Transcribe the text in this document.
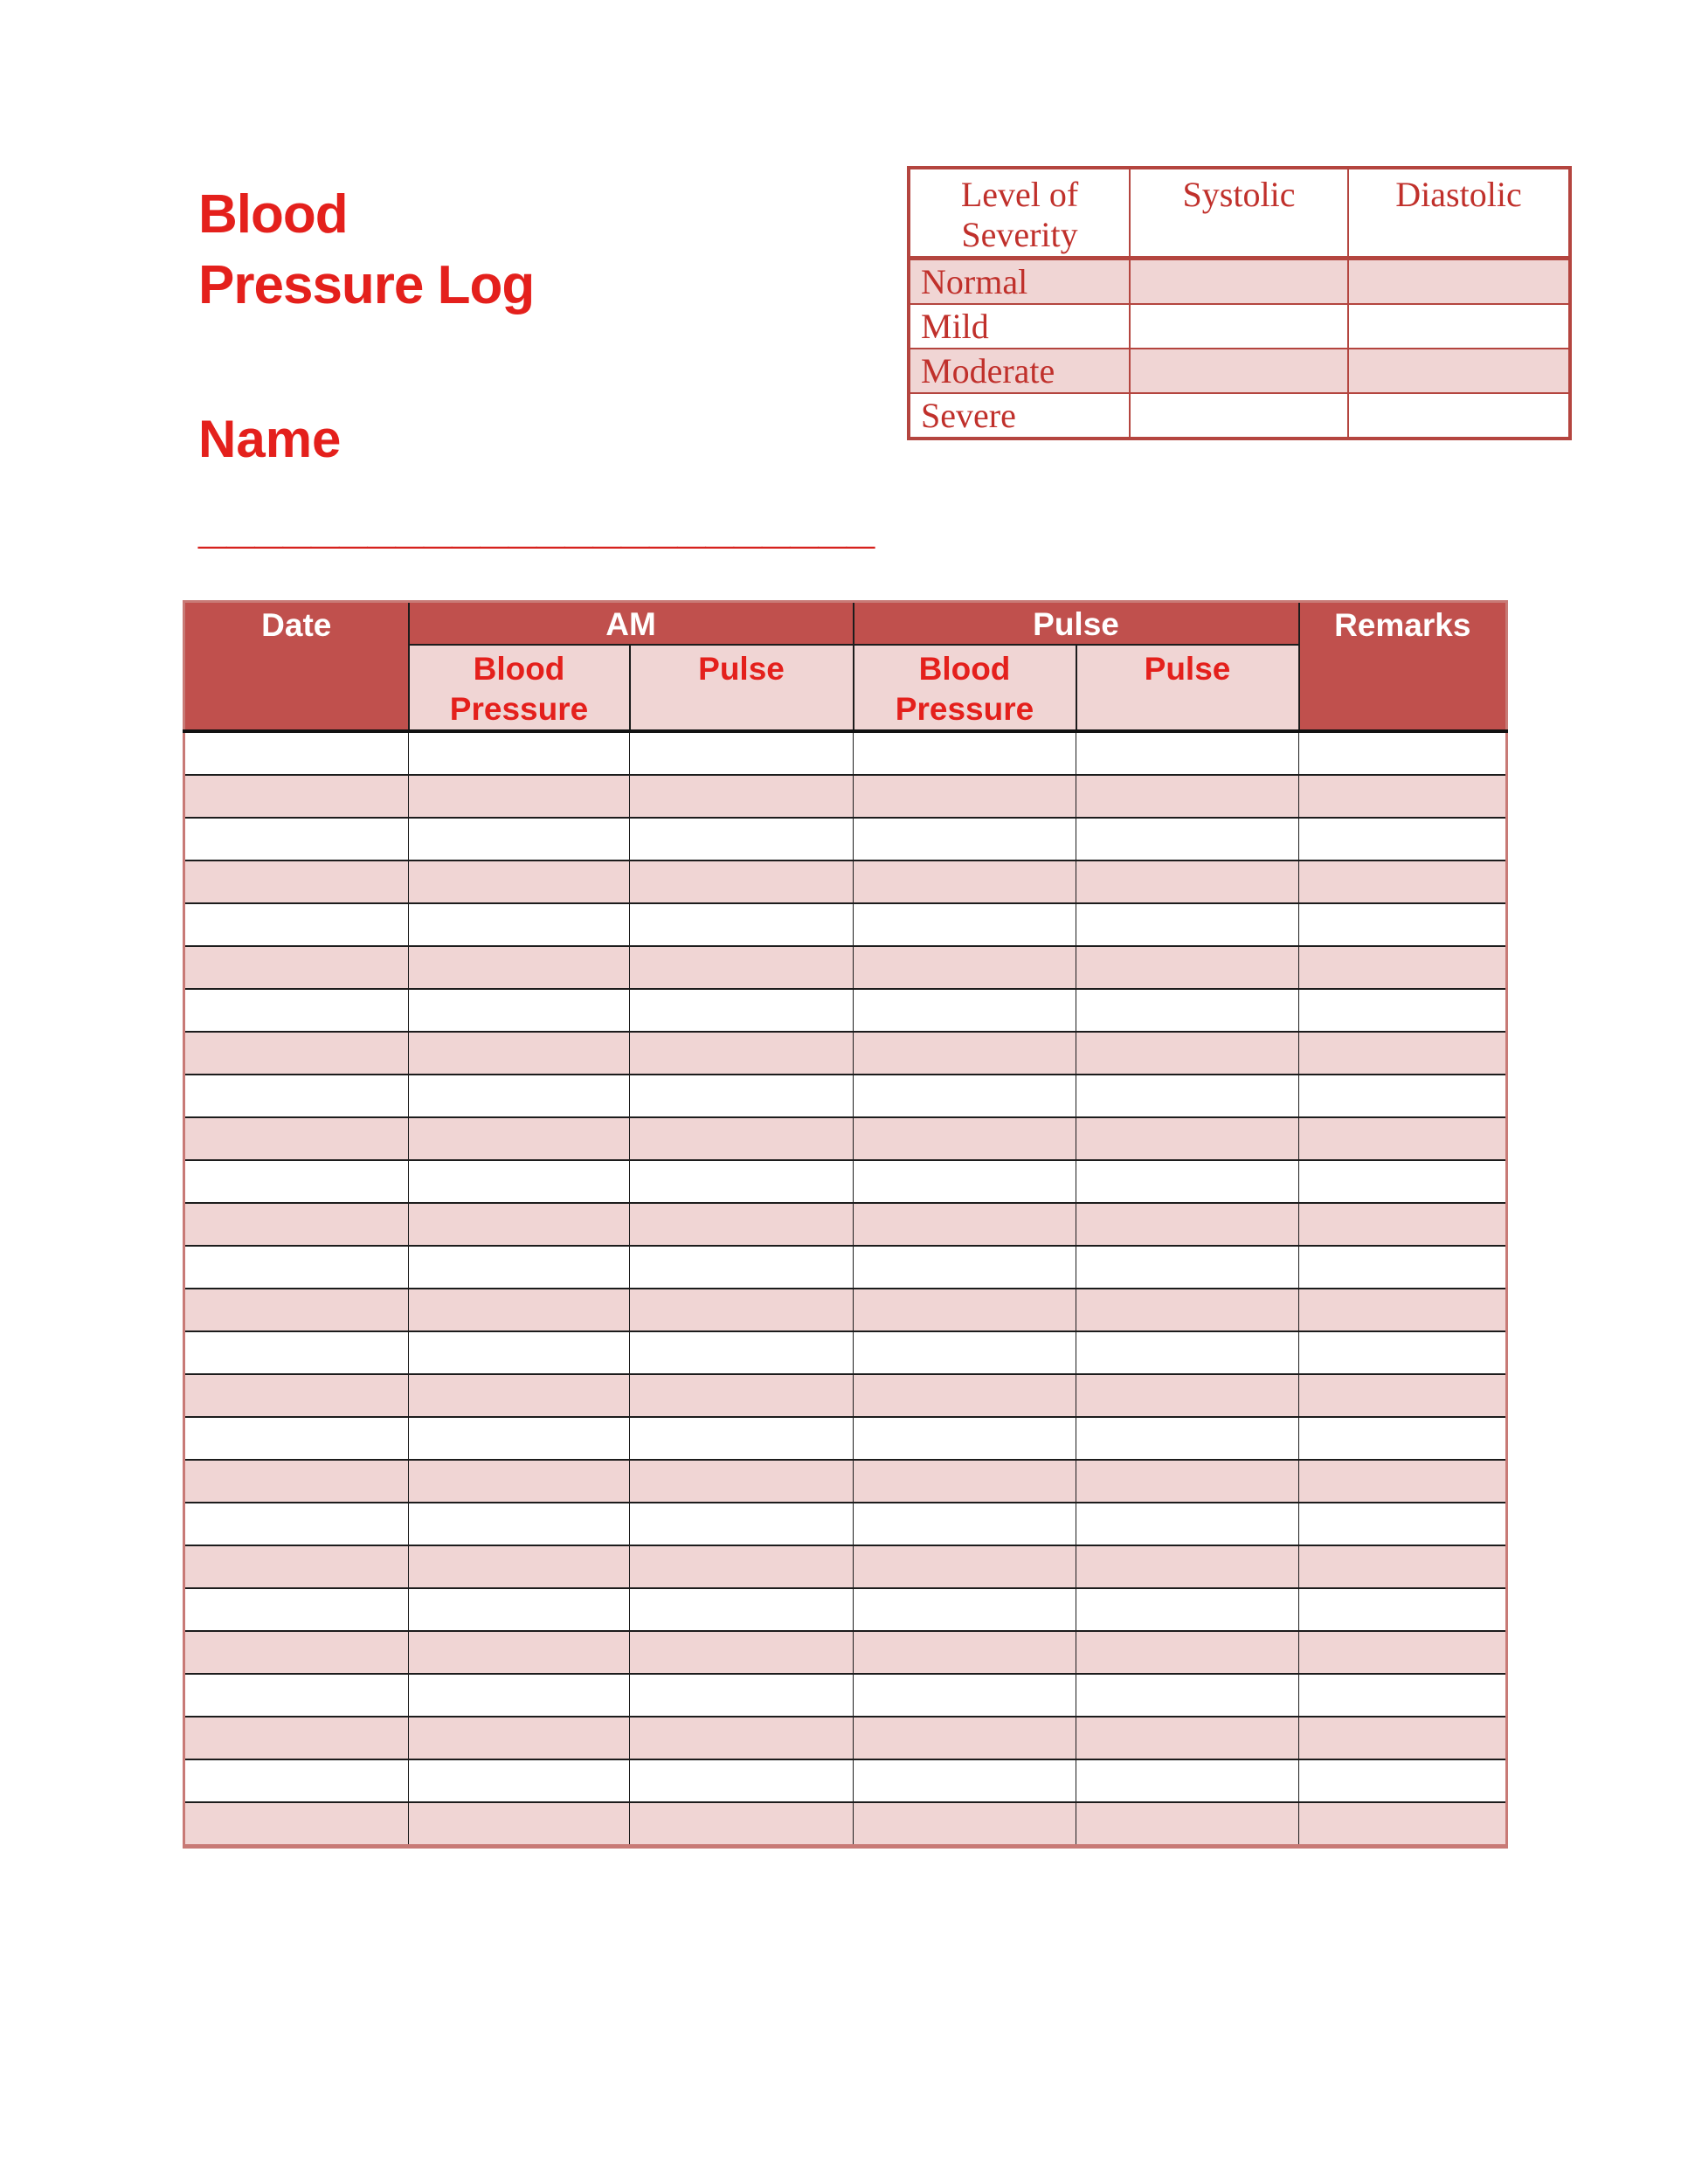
Blood
Pressure Log
Name
________________________
Level of Severity	Systolic	Diastolic
Normal		
Mild		
Moderate		
Severe		
Date	AM		Pulse		Remarks
	Blood Pressure	Pulse	Blood Pressure	Pulse	
